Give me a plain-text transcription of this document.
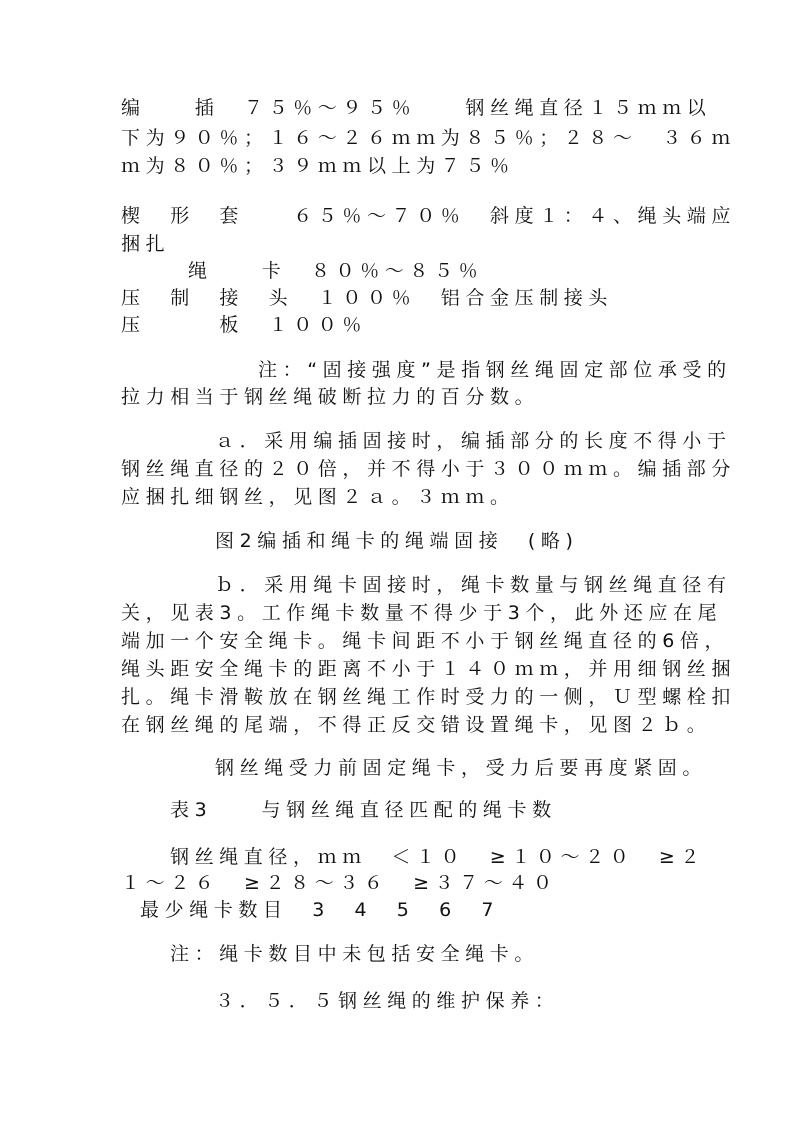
编　　插　７５％～９５％　　钢丝绳直径１５ｍｍ以
下为９０％；１６～２６ｍｍ为８５％；２８～　３６ｍ
ｍ为８０％；３９ｍｍ以上为７５％
楔　形　套　　６５％～７０％　斜度１：４、绳头端应
捆扎
绳　　卡　８０％～８５％
压　制　接　头　１００％　铝合金压制接头
压　　　板　１００％
注：“固接强度”是指钢丝绳固定部位承受的
拉力相当于钢丝绳破断拉力的百分数。
ａ．采用编插固接时，编插部分的长度不得小于
钢丝绳直径的２０倍，并不得小于３００ｍｍ。编插部分
应捆扎细钢丝，见图２ａ。３ｍｍ。
图2编插和绳卡的绳端固接　(略)
ｂ．采用绳卡固接时，绳卡数量与钢丝绳直径有
关，见表3。工作绳卡数量不得少于3个，此外还应在尾
端加一个安全绳卡。绳卡间距不小于钢丝绳直径的6倍，
绳头距安全绳卡的距离不小于１４０ｍｍ，并用细钢丝捆
扎。绳卡滑鞍放在钢丝绳工作时受力的一侧，Ｕ型螺栓扣
在钢丝绳的尾端，不得正反交错设置绳卡，见图２ｂ。
钢丝绳受力前固定绳卡，受力后要再度紧固。
表3　　与钢丝绳直径匹配的绳卡数
钢丝绳直径，ｍｍ　＜１０　≥１０～２０　≥２
１～２６　≥２８～３６　≥３７～４０
最少绳卡数目　3　4　5　6　7
注：绳卡数目中未包括安全绳卡。
３．５．５钢丝绳的维护保养：
